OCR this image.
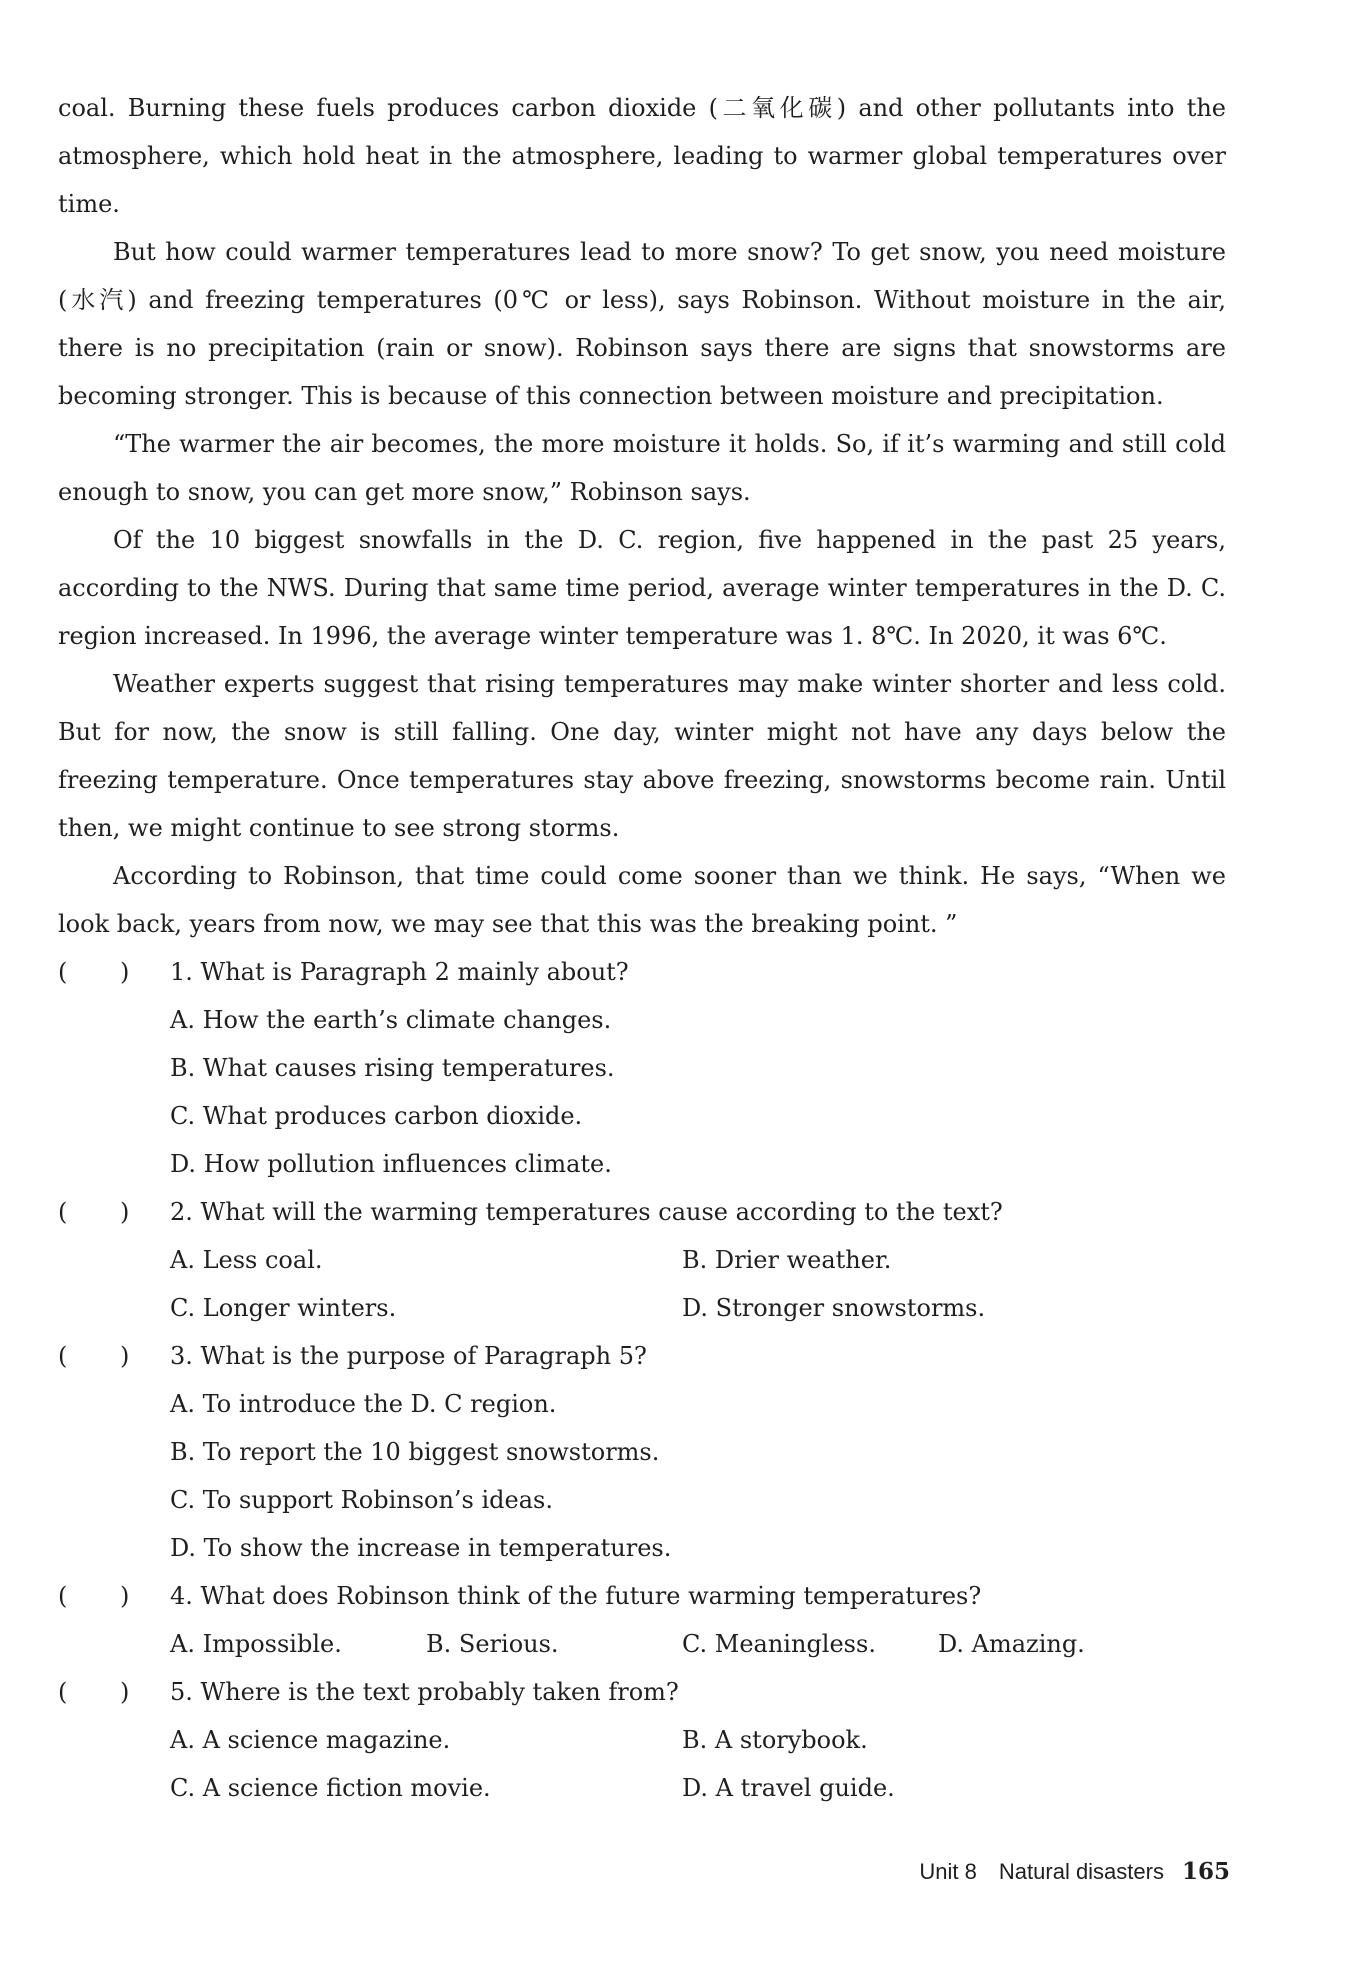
coal. Burning these fuels produces carbon dioxide (二氧化碳) and other pollutants into the atmosphere, which hold heat in the atmosphere, leading to warmer global temperatures over time.

But how could warmer temperatures lead to more snow? To get snow, you need moisture (水汽) and freezing temperatures (0℃ or less), says Robinson. Without moisture in the air, there is no precipitation (rain or snow). Robinson says there are signs that snowstorms are becoming stronger. This is because of this connection between moisture and precipitation.

“The warmer the air becomes, the more moisture it holds. So, if it’s warming and still cold enough to snow, you can get more snow,” Robinson says.

Of the 10 biggest snowfalls in the D. C. region, five happened in the past 25 years, according to the NWS. During that same time period, average winter temperatures in the D. C. region increased. In 1996, the average winter temperature was 1. 8℃. In 2020, it was 6℃.

Weather experts suggest that rising temperatures may make winter shorter and less cold. But for now, the snow is still falling. One day, winter might not have any days below the freezing temperature. Once temperatures stay above freezing, snowstorms become rain. Until then, we might continue to see strong storms.

According to Robinson, that time could come sooner than we think. He says, “When we look back, years from now, we may see that this was the breaking point. ”

( )	1. What is Paragraph 2 mainly about?
A. How the earth’s climate changes.
B. What causes rising temperatures.
C. What produces carbon dioxide.
D. How pollution influences climate.
( )	2. What will the warming temperatures cause according to the text?
A. Less coal.	B. Drier weather.
C. Longer winters.	D. Stronger snowstorms.
( )	3. What is the purpose of Paragraph 5?
A. To introduce the D. C region.
B. To report the 10 biggest snowstorms.
C. To support Robinson’s ideas.
D. To show the increase in temperatures.
( )	4. What does Robinson think of the future warming temperatures?
A. Impossible.	B. Serious.	C. Meaningless.	D. Amazing.
( )	5. Where is the text probably taken from?
A. A science magazine.	B. A storybook.
C. A science fiction movie.	D. A travel guide.
Unit 8 Natural disasters 165
